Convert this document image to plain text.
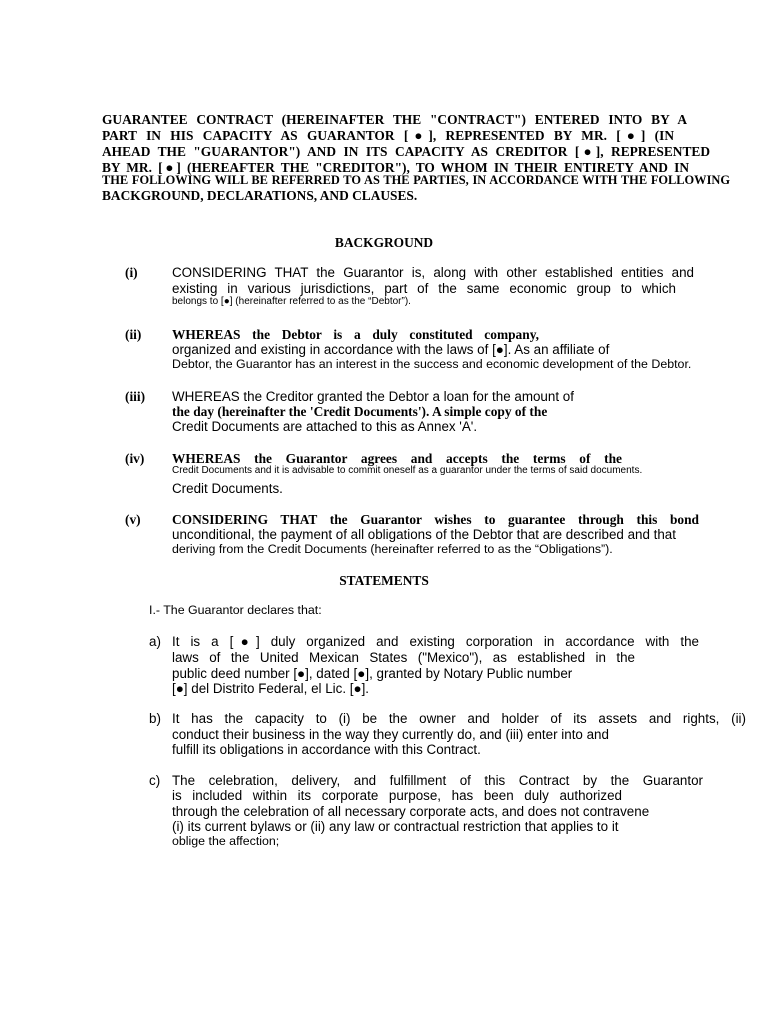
GUARANTEE CONTRACT (HEREINAFTER THE "CONTRACT") ENTERED INTO BY A
PART IN HIS CAPACITY AS GUARANTOR [●], REPRESENTED BY MR. [●] (IN
AHEAD THE "GUARANTOR") AND IN ITS CAPACITY AS CREDITOR [●], REPRESENTED
BY MR. [●] (HEREAFTER THE "CREDITOR"), TO WHOM IN THEIR ENTIRETY AND IN
THE FOLLOWING WILL BE REFERRED TO AS THE PARTIES, IN ACCORDANCE WITH THE FOLLOWING
BACKGROUND, DECLARATIONS, AND CLAUSES.
BACKGROUND
(i)	CONSIDERING THAT the Guarantor is, along with other established entities and
existing in various jurisdictions, part of the same economic group to which
belongs to [●] (hereinafter referred to as the “Debtor”).
(ii) WHEREAS the Debtor is a duly constituted company,
organized and existing in accordance with the laws of [●]. As an affiliate of
Debtor, the Guarantor has an interest in the success and economic development of the Debtor.
(iii) WHEREAS the Creditor granted the Debtor a loan for the amount of
the day (hereinafter the 'Credit Documents'). A simple copy of the
Credit Documents are attached to this as Annex 'A'.
(iv) WHEREAS the Guarantor agrees and accepts the terms of the
Credit Documents and it is advisable to commit oneself as a guarantor under the terms of said documents.
Credit Documents.
(v) CONSIDERING THAT the Guarantor wishes to guarantee through this bond
unconditional, the payment of all obligations of the Debtor that are described and that
deriving from the Credit Documents (hereinafter referred to as the “Obligations”).
STATEMENTS
I.- The Guarantor declares that:
a) It is a [●] duly organized and existing corporation in accordance with the
laws of the United Mexican States ("Mexico"), as established in the
public deed number [●], dated [●], granted by Notary Public number
[●] del Distrito Federal, el Lic. [●].
b) It has the capacity to (i) be the owner and holder of its assets and rights, (ii)
conduct their business in the way they currently do, and (iii) enter into and
fulfill its obligations in accordance with this Contract.
c) The celebration, delivery, and fulfillment of this Contract by the Guarantor
is included within its corporate purpose, has been duly authorized
through the celebration of all necessary corporate acts, and does not contravene
(i) its current bylaws or (ii) any law or contractual restriction that applies to it
oblige the affection;
